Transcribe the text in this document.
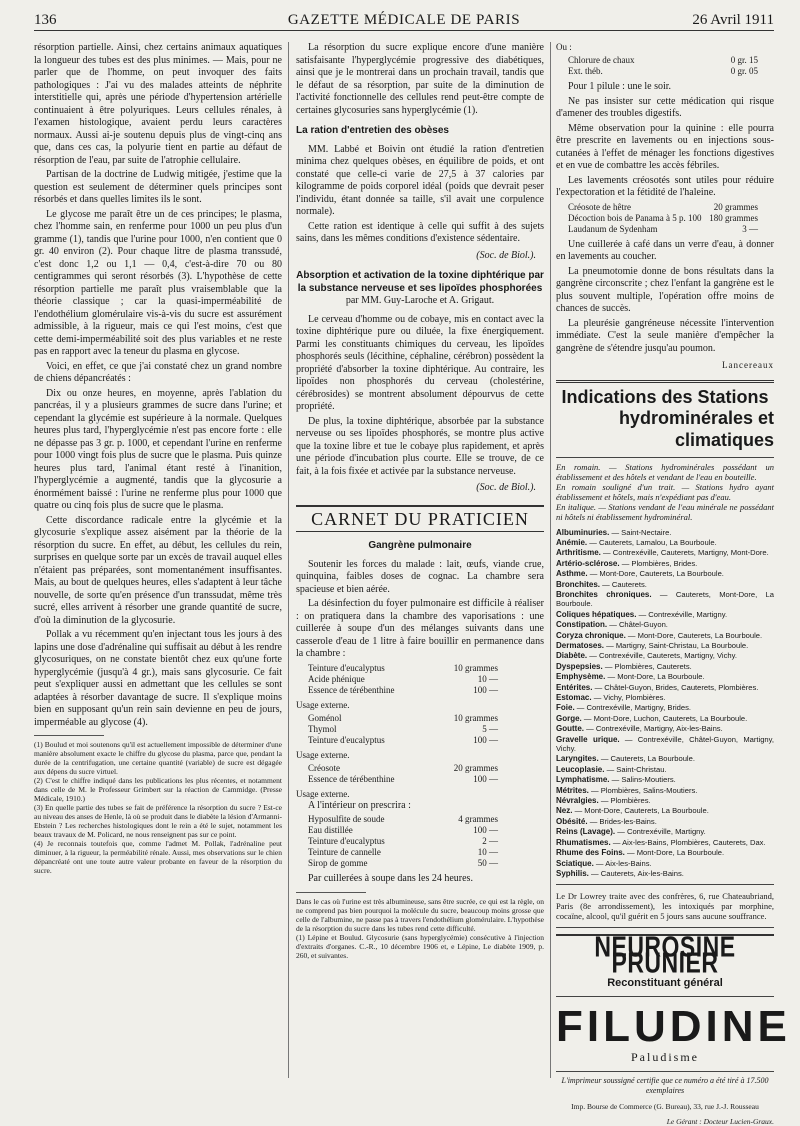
136	GAZETTE MÉDICALE DE PARIS	26 Avril 1911

résorption partielle. Ainsi, chez certains animaux aquatiques la longueur des tubes est des plus minimes. — Mais, pour ne parler que de l'homme, on peut invoquer des faits pathologiques : J'ai vu des malades atteints de néphrite interstitielle qui, après une période d'hypertension artérielle continuaient à être polyuriques. Leurs cellules rénales, à l'examen histologique, avaient perdu leurs caractères normaux. Aussi ai-je soutenu depuis plus de vingt-cinq ans que, dans ces cas, la polyurie tient en partie au défaut de résorption de l'eau, par suite de l'atrophie cellulaire.

Partisan de la doctrine de Ludwig mitigée, j'estime que la question est seulement de déterminer quels principes sont résorbés et dans quelles limites ils le sont.

Le glycose me paraît être un de ces principes; le plasma, chez l'homme sain, en renferme pour 1000 un peu plus d'un gramme (1), tandis que l'urine pour 1000, n'en contient que 0 gr. 40 environ (2). Pour chaque litre de plasma transsudé, c'est donc 1,2 ou 1,1 — 0,4, c'est-à-dire 70 ou 80 centigrammes qui seront résorbés (3). L'hypothèse de cette résorption partielle me paraît plus vraisemblable que la théorie classique ; car la quasi-imperméabilité de l'endothélium glomérulaire vis-à-vis du sucre est assurément admissible, à la rigueur, mais ce qui l'est moins, c'est que cette demi-imperméabilité soit des plus variables et ne reste pas en rapport avec la teneur du plasma en glycose.

Voici, en effet, ce que j'ai constaté chez un grand nombre de chiens dépancréatés :

Dix ou onze heures, en moyenne, après l'ablation du pancréas, il y a plusieurs grammes de sucre dans l'urine; et cependant la glycémie est supérieure à la normale. Quelques heures plus tard, l'hyperglycémie n'est pas encore forte : elle ne dépasse pas 3 gr. p. 1000, et cependant l'urine en renferme pour 1000 vingt fois plus de sucre que le plasma. Puis quinze heures plus tard, l'animal étant resté à l'inanition, l'hyperglycémie a augmenté, tandis que la glycosurie a énormément baissé : l'urine ne renferme plus pour 1000 que quatre ou cinq fois plus de sucre que le plasma.

Cette discordance radicale entre la glycémie et la glycosurie s'explique assez aisément par la théorie de la résorption du sucre. En effet, au début, les cellules du rein, surprises en quelque sorte par un excès de travail auquel elles n'étaient pas préparées, sont momentanément insuffisantes. Mais, au bout de quelques heures, elles s'adaptent à leur tâche nouvelle, de sorte qu'en présence d'un transsudat, même très sucré, elles arrivent à résorber une grande quantité de sucre, d'où la diminution de la glycosurie.

Pollak a vu récemment qu'en injectant tous les jours à des lapins une dose d'adrénaline qui suffisait au début à les rendre glycosuriques, on ne constate bientôt chez eux qu'une forte hyperglycémie (jusqu'à 4 gr.), mais sans glycosurie. Ce fait peut s'expliquer aussi en admettant que les cellules se sont adaptées à résorber davantage de sucre. Il s'explique moins bien en supposant qu'un rein sain devienne en peu de jours, imperméable au glycose (4).

(1) Boulud et moi soutenons qu'il est actuellement impossible de déterminer d'une manière absolument exacte le chiffre du glycose du plasma, parce que, pendant la durée de la centrifugation, une certaine quantité (variable) de sucre est dégagée aux dépens du sucre virtuel.
(2) C'est le chiffre indiqué dans les publications les plus récentes, et notamment dans celle de M. le Professeur Grimbert sur la réaction de Cammidge. (Presse Médicale, 1910.)
(3) En quelle partie des tubes se fait de préférence la résorption du sucre ? Est-ce au niveau des anses de Henle, là où se produit dans le diabète la lésion d'Armanni-Ebstein ? Les recherches histologiques dont le rein a été le sujet, notamment les beaux travaux de M. Policard, ne nous renseignent pas sur ce point.
(4) Je reconnais toutefois que, comme l'admet M. Pollak, l'adrénaline peut diminuer, à la rigueur, la perméabilité rénale. Aussi, mes observations sur le chien dépancréaté ont une toute autre valeur probante en faveur de la résorption du sucre.

La résorption du sucre explique encore d'une manière satisfaisante l'hyperglycémie progressive des diabétiques, ainsi que je le montrerai dans un prochain travail, tandis que le défaut de sa résorption, par suite de la diminution de l'activité fonctionnelle des cellules rend peut-être compte de certaines glycosuries sans hyperglycémie (1).

La ration d'entretien des obèses

MM. Labbé et Boivin ont étudié la ration d'entretien minima chez quelques obèses, en équilibre de poids, et ont constaté que celle-ci varie de 27,5 à 37 calories par kilogramme de poids corporel idéal (poids que devrait peser l'individu, étant donnée sa taille, s'il avait une corpulence normale).

Cette ration est identique à celle qui suffit à des sujets sains, dans les mêmes conditions d'existence sédentaire.

(Soc. de Biol.).
Absorption et activation de la toxine diphtérique par la substance nerveuse et ses lipoïdes phosphorées par MM. Guy-Laroche et A. Grigaut.

Le cerveau d'homme ou de cobaye, mis en contact avec la toxine diphtérique pure ou diluée, la fixe énergiquement. Parmi les constituants chimiques du cerveau, les lipoïdes phosphorés seuls (lécithine, céphaline, cérébron) possèdent la propriété d'absorber la toxine diphtérique. Au contraire, les lipoïdes non phosphorés du cerveau (cholestérine, cérébrosides) se montrent absolument dépourvus de cette propriété.

De plus, la toxine diphtérique, absorbée par la substance nerveuse ou ses lipoïdes phosphorés, se montre plus active que la toxine libre et tue le cobaye plus rapidement, et après une période d'incubation plus courte. Elle se trouve, de ce fait, à la fois fixée et activée par la substance nerveuse.

(Soc. de Biol.).
CARNET DU PRATICIEN
Gangrène pulmonaire

Soutenir les forces du malade : lait, œufs, viande crue, quinquina, faibles doses de cognac. La chambre sera spacieuse et bien aérée.

La désinfection du foyer pulmonaire est difficile à réaliser : on pratiquera dans la chambre des vaporisations : une cuillerée à soupe d'un des mélanges suivants dans une casserole d'eau de 1 litre à faire bouillir en permanence dans la chambre :

Teinture d'eucalyptus	10 grammes
Acide phénique	10 —
Essence de térébenthine	100 —
Usage externe.
Goménol	10 grammes
Thymol	5 —
Teinture d'eucalyptus	100 —
Usage externe.
Créosote	20 grammes
Essence de térébenthine	100 —
Usage externe.

A l'intérieur on prescrira :

Hyposulfite de soude	4 grammes
Eau distillée	100 —
Teinture d'eucalyptus	2 —
Teinture de cannelle	10 —
Sirop de gomme	50 —

Par cuillerées à soupe dans les 24 heures.

Dans le cas où l'urine est très albumineuse, sans être sucrée, ce qui est la règle, on ne comprend pas bien pourquoi la molécule du sucre, beaucoup moins grosse que celle de l'albumine, ne passe pas à travers l'endothélium glomérulaire. L'hypothèse de la résorption du sucre dans les tubes rend cette difficulté.
(1) Lépine et Boulud. Glycosurie (sans hyperglycémie) consécutive à l'injection d'extraits d'organes. C.-R., 10 décembre 1906 et, e Lépine, Le diabète 1909, p. 260, et suivantes.
Ou :
Chlorure de chaux	0 gr. 15
Ext. théb.	0 gr. 05

Pour 1 pilule : une le soir.

Ne pas insister sur cette médication qui risque d'amener des troubles digestifs.

Même observation pour la quinine : elle pourra être prescrite en lavements ou en injections sous-cutanées à l'effet de ménager les fonctions digestives et en vue de combattre les accès fébriles.

Les lavements créosotés sont utiles pour réduire l'expectoration et la fétidité de l'haleine.

Créosote de hêtre	20 grammes
Décoction bois de Panama à 5 p. 100 180 grammes
Laudanum de Sydenham	3 —

Une cuillerée à café dans un verre d'eau, à donner en lavements au coucher.

La pneumotomie donne de bons résultats dans la gangrène circonscrite ; chez l'enfant la gangrène est le plus souvent multiple, l'opération offre moins de chances de succès.

La pleurésie gangréneuse nécessite l'intervention immédiate. C'est la seule manière d'empêcher la gangrène de s'étendre jusqu'au poumon.

Lancereaux
Indications des Stations
hydrominérales et climatiques
En romain. — Stations hydrominérales possédant un établissement et des hôtels et vendant de l'eau en bouteille.
En romain souligné d'un trait. — Stations hydro ayant établissement et hôtels, mais n'expédiant pas d'eau.
En italique. — Stations vendant de l'eau minérale ne possédant ni hôtels ni établissement hydrominéral.
Albuminuries. — Saint-Nectaire.
Anémie. — Cauterets, Lamalou, La Bourboule.
Arthritisme. — Contrexéville, Cauterets, Martigny, Mont-Dore.
Artério-sclérose. — Plombières, Brides.
Asthme. — Mont-Dore, Cauterets, La Bourboule.
Bronchites. — Cauterets.
Bronchites chroniques. — Cauterets, Mont-Dore, La Bourboule.
Coliques hépatiques. — Contrexéville, Martigny.
Constipation. — Châtel-Guyon.
Coryza chronique. — Mont-Dore, Cauterets, La Bourboule.
Dermatoses. — Martigny, Saint-Christau, La Bourboule.
Diabète. — Contrexéville, Cauterets, Martigny, Vichy.
Dyspepsies. — Plombières, Cauterets.
Emphysème. — Mont-Dore, La Bourboule.
Entérites. — Châtel-Guyon, Brides, Cauterets, Plombières.
Estomac. — Vichy, Plombières.
Foie. — Contrexéville, Martigny, Brides.
Gorge. — Mont-Dore, Luchon, Cauterets, La Bourboule.
Goutte. — Contrexéville, Martigny, Aix-les-Bains.
Gravelle urique. — Contrexéville, Châtel-Guyon, Martigny, Vichy.
Laryngites. — Cauterets, La Bourboule.
Leucoplasie. — Saint-Christau.
Lymphatisme. — Salins-Moutiers.
Métrites. — Plombières, Salins-Moutiers.
Névralgies. — Plombières.
Nez. — Mont-Dore, Cauterets, La Bourboule.
Obésité. — Brides-les-Bains.
Reins (Lavage). — Contrexéville, Martigny.
Rhumatismes. — Aix-les-Bains, Plombières, Cauterets, Dax.
Rhume des Foins. — Mont-Dore, La Bourboule.
Sciatique. — Aix-les-Bains.
Syphilis. — Cauterets, Aix-les-Bains.
Le Dr Lowrey traite avec des confrères, 6, rue Chateaubriand, Paris (8e arrondissement), les intoxiqués par morphine, cocaïne, alcool, qu'il guérit en 5 jours sans aucune souffrance.
NEUROSINE PRUNIER
Reconstituant général
FILUDINE
Paludisme
L'imprimeur soussigné certifie que ce numéro a été tiré à 17.500 exemplaires
Imp. Bourse de Commerce (G. Bureau), 33, rue J.-J. Rousseau
Le Gérant : Docteur Lucien-Graux.
